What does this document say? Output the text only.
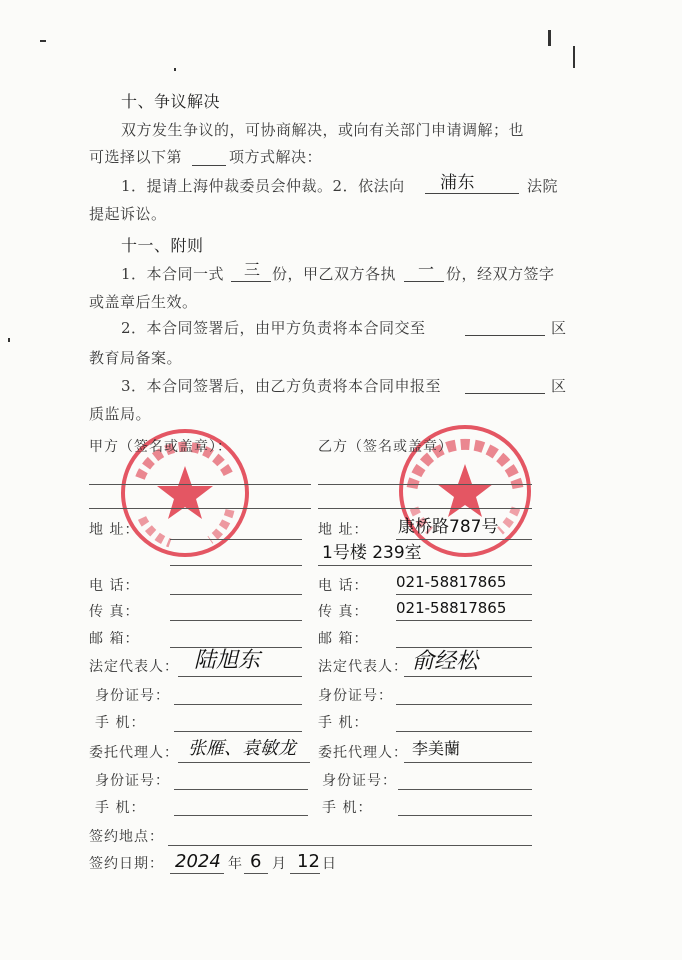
十、争议解决
双方发生争议的，可协商解决，或向有关部门申请调解；也
可选择以下第	项方式解决：
1．提请上海仲裁委员会仲裁。2．依法向 浦东	法院
提起诉讼。
十一、附则
1．本合同一式 三 份，甲乙双方各执 一 份，经双方签字
或盖章后生效。
2．本合同签署后，由甲方负责将本合同交至	区
教育局备案。
3．本合同签署后，由乙方负责将本合同申报至	区
质监局。
甲方（签名或盖章）：
地 址：
电 话：
传 真：
邮 箱：
法定代表人： 陆旭东
身份证号：
手 机：
委托代理人： 张雁、袁敏龙
身份证号：
手 机：
乙方（签名或盖章）
地 址： 康桥路787号
1号楼 239室
电 话： 021-58817865
传 真： 021-58817865
邮 箱：
法定代表人： 俞经松
身份证号：
手 机：
委托代理人： 李美蘭
身份证号：
手 机：
签约地点：
签约日期： 2024 年 6 月 12 日
